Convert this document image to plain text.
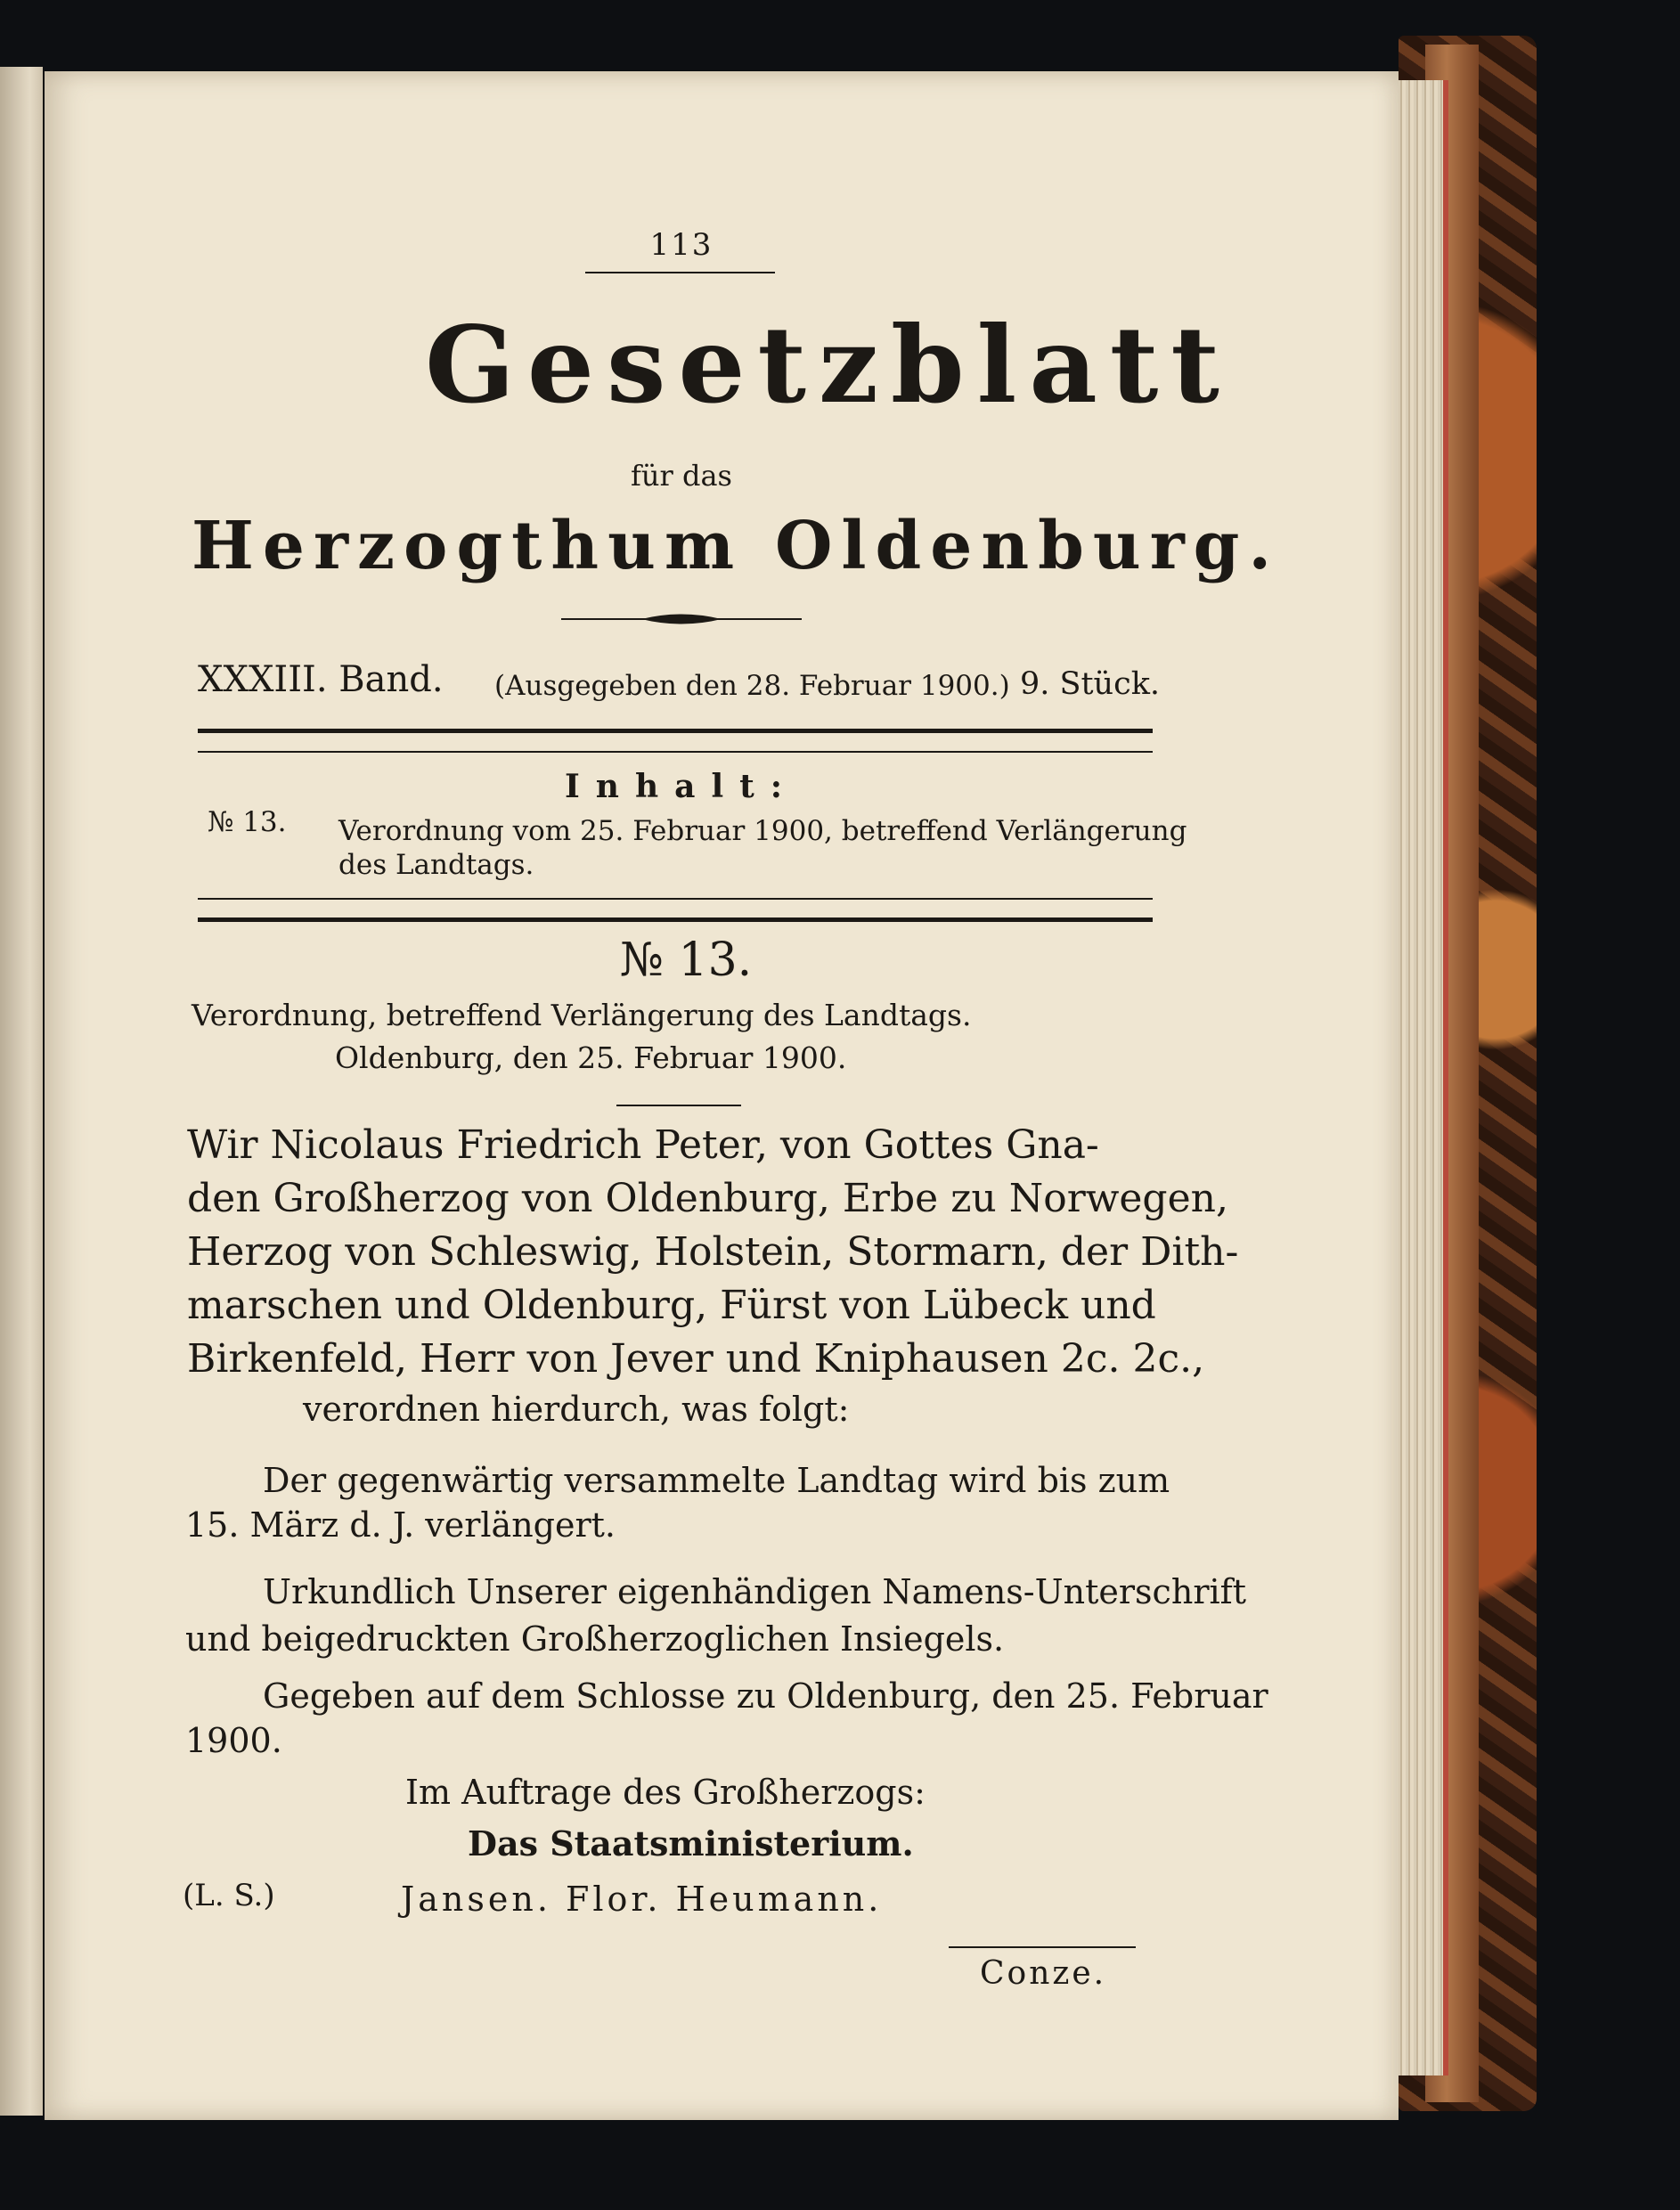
113
Gesetzblatt
für das
Herzogthum Oldenburg.
XXXIII. Band. (Ausgegeben den 28. Februar 1900.) 9. Stück.
Inhalt:
№ 13. Verordnung vom 25. Februar 1900, betreffend Verlängerung
des Landtags.
№ 13.
Verordnung, betreffend Verlängerung des Landtags.
Oldenburg, den 25. Februar 1900.
Wir Nicolaus Friedrich Peter, von Gottes Gna-
den Großherzog von Oldenburg, Erbe zu Norwegen,
Herzog von Schleswig, Holstein, Stormarn, der Dith-
marschen und Oldenburg, Fürst von Lübeck und
Birkenfeld, Herr von Jever und Kniphausen 2c. 2c.,
verordnen hierdurch, was folgt:
Der gegenwärtig versammelte Landtag wird bis zum
15. März d. J. verlängert.
Urkundlich Unserer eigenhändigen Namens-Unterschrift
und beigedruckten Großherzoglichen Insiegels.
Gegeben auf dem Schlosse zu Oldenburg, den 25. Februar
1900.
Im Auftrage des Großherzogs:
Das Staatsministerium.
(L. S.)	Jansen. Flor. Heumann.
Conze.
